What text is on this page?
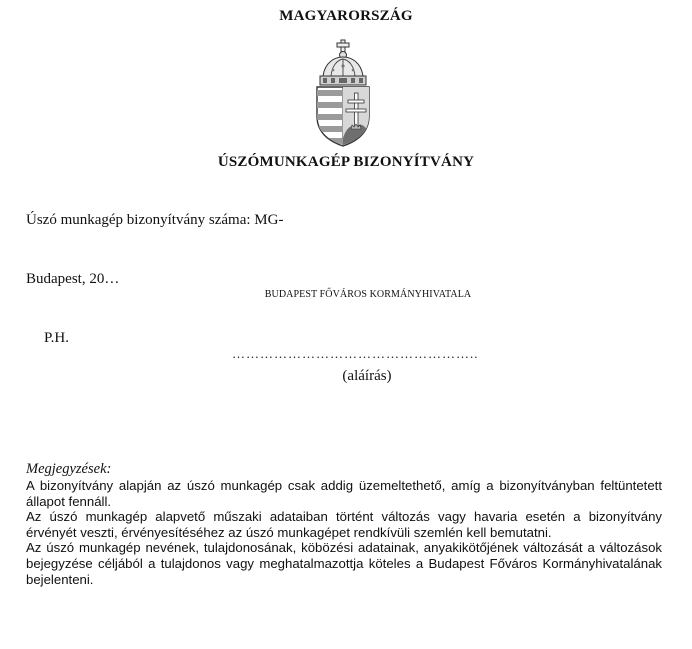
MAGYARORSZÁG
ÚSZÓMUNKAGÉP BIZONYÍTVÁNY
Úszó munkagép bizonyítvány száma: MG-
Budapest, 20…
BUDAPEST FŐVÁROS KORMÁNYHIVATALA
P.H.
……………………………………………..
(aláírás)
Megjegyzések:

A bizonyítvány alapján az úszó munkagép csak addig üzemeltethető, amíg a bizonyítványban feltüntetett állapot fennáll.

Az úszó munkagép alapvető műszaki adataiban történt változás vagy havaria esetén a bizonyítvány érvényét veszti, érvényesítéséhez az úszó munkagépet rendkívüli szemlén kell bemutatni.

Az úszó munkagép nevének, tulajdonosának, köbözési adatainak, anyakikötőjének változását a változások bejegyzése céljából a tulajdonos vagy meghatalmazottja köteles a Budapest Főváros Kormányhivatalának bejelenteni.
